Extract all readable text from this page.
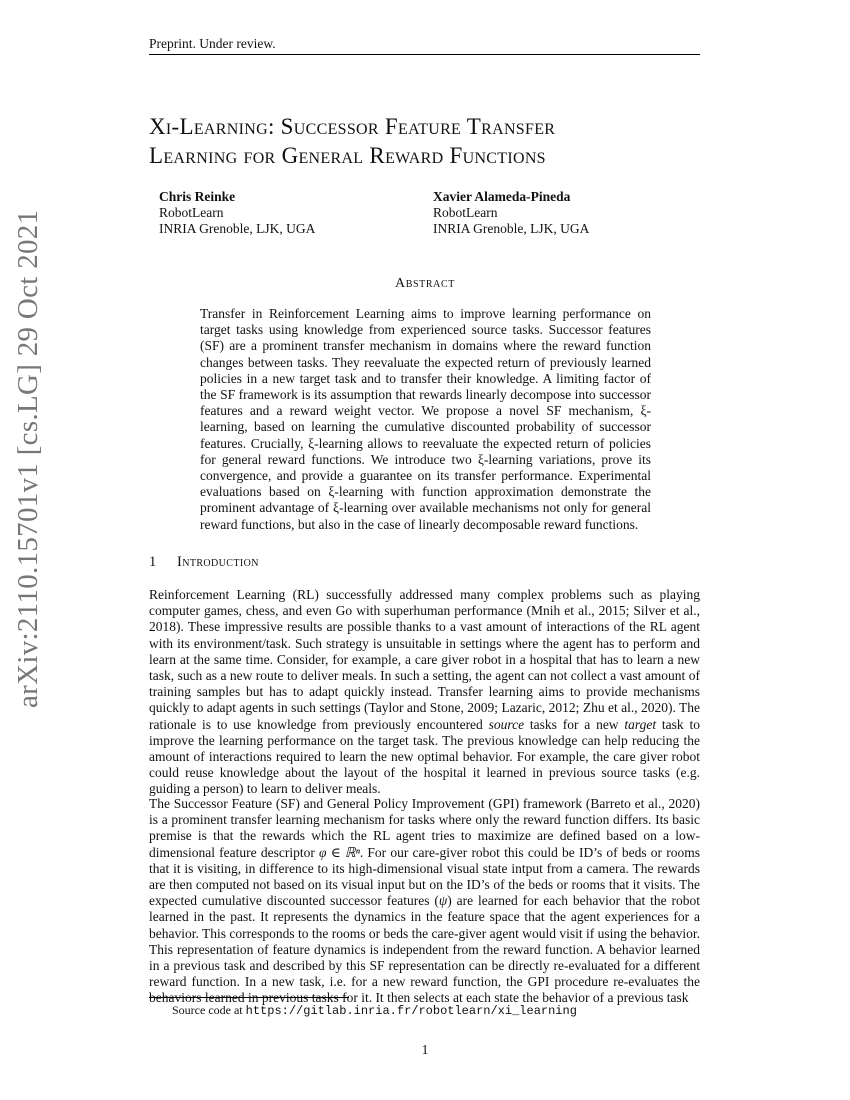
Preprint. Under review.
arXiv:2110.15701v1 [cs.LG] 29 Oct 2021
Xi-Learning: Successor Feature Transfer
Learning for General Reward Functions
Chris Reinke
RobotLearn
INRIA Grenoble, LJK, UGA
Xavier Alameda-Pineda
RobotLearn
INRIA Grenoble, LJK, UGA
Abstract
Transfer in Reinforcement Learning aims to improve learning performance on target tasks using knowledge from experienced source tasks. Successor features (SF) are a prominent transfer mechanism in domains where the reward function changes between tasks. They reevaluate the expected return of previously learned policies in a new target task and to transfer their knowledge. A limiting factor of the SF framework is its assumption that rewards linearly decompose into successor features and a reward weight vector. We propose a novel SF mechanism, ξ-learning, based on learning the cumulative discounted probability of successor features. Crucially, ξ-learning allows to reevaluate the expected return of policies for general reward functions. We introduce two ξ-learning variations, prove its convergence, and provide a guarantee on its transfer performance. Experimental evaluations based on ξ-learning with function approximation demonstrate the prominent advantage of ξ-learning over available mechanisms not only for general reward functions, but also in the case of linearly decomposable reward functions.
1 Introduction
Reinforcement Learning (RL) successfully addressed many complex problems such as playing computer games, chess, and even Go with superhuman performance (Mnih et al., 2015; Silver et al., 2018). These impressive results are possible thanks to a vast amount of interactions of the RL agent with its environment/task. Such strategy is unsuitable in settings where the agent has to perform and learn at the same time. Consider, for example, a care giver robot in a hospital that has to learn a new task, such as a new route to deliver meals. In such a setting, the agent can not collect a vast amount of training samples but has to adapt quickly instead. Transfer learning aims to provide mechanisms quickly to adapt agents in such settings (Taylor and Stone, 2009; Lazaric, 2012; Zhu et al., 2020). The rationale is to use knowledge from previously encountered source tasks for a new target task to improve the learning performance on the target task. The previous knowledge can help reducing the amount of interactions required to learn the new optimal behavior. For example, the care giver robot could reuse knowledge about the layout of the hospital it learned in previous source tasks (e.g. guiding a person) to learn to deliver meals.
The Successor Feature (SF) and General Policy Improvement (GPI) framework (Barreto et al., 2020) is a prominent transfer learning mechanism for tasks where only the reward function differs. Its basic premise is that the rewards which the RL agent tries to maximize are defined based on a low-dimensional feature descriptor φ ∈ ℝⁿ. For our care-giver robot this could be ID’s of beds or rooms that it is visiting, in difference to its high-dimensional visual state intput from a camera. The rewards are then computed not based on its visual input but on the ID’s of the beds or rooms that it visits. The expected cumulative discounted successor features (ψ) are learned for each behavior that the robot learned in the past. It represents the dynamics in the feature space that the agent experiences for a behavior. This corresponds to the rooms or beds the care-giver agent would visit if using the behavior. This representation of feature dynamics is independent from the reward function. A behavior learned in a previous task and described by this SF representation can be directly re-evaluated for a different reward function. In a new task, i.e. for a new reward function, the GPI procedure re-evaluates the behaviors learned in previous tasks for it. It then selects at each state the behavior of a previous task
Source code at https://gitlab.inria.fr/robotlearn/xi_learning
1
